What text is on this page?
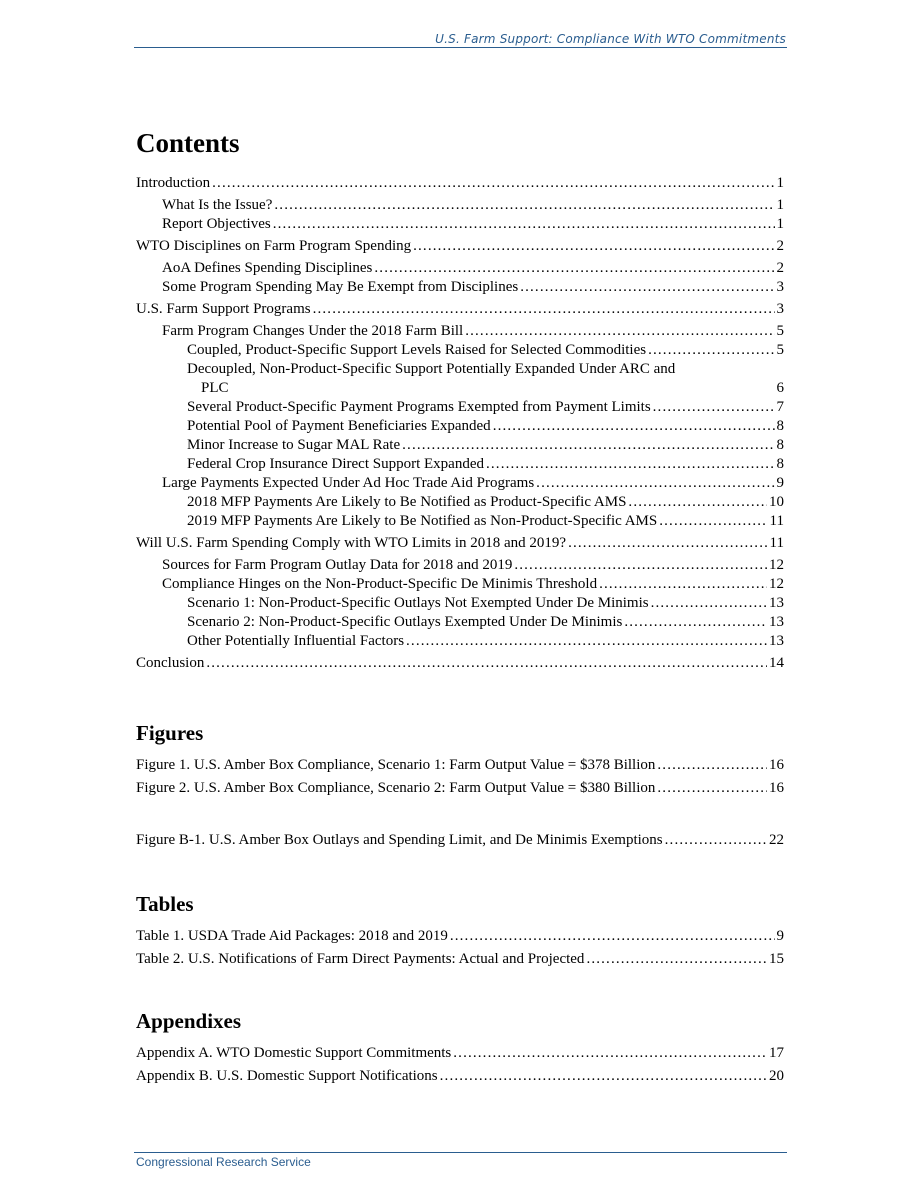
U.S. Farm Support: Compliance With WTO Commitments
Contents
Introduction . . .	1
What Is the Issue? . . .	1
Report Objectives . . .	1
WTO Disciplines on Farm Program Spending . . .	2
AoA Defines Spending Disciplines . . .	2
Some Program Spending May Be Exempt from Disciplines . . .	3
U.S. Farm Support Programs . . .	3
Farm Program Changes Under the 2018 Farm Bill . . .	5
Coupled, Product-Specific Support Levels Raised for Selected Commodities . . .	5
Decoupled, Non-Product-Specific Support Potentially Expanded Under ARC and
PLC	6
Several Product-Specific Payment Programs Exempted from Payment Limits . . .	7
Potential Pool of Payment Beneficiaries Expanded . . .	8
Minor Increase to Sugar MAL Rate . . .	8
Federal Crop Insurance Direct Support Expanded . . .	8
Large Payments Expected Under Ad Hoc Trade Aid Programs . . .	9
2018 MFP Payments Are Likely to Be Notified as Product-Specific AMS . . .	10
2019 MFP Payments Are Likely to Be Notified as Non-Product-Specific AMS . . .	11
Will U.S. Farm Spending Comply with WTO Limits in 2018 and 2019? . . .	11
Sources for Farm Program Outlay Data for 2018 and 2019 . . .	12
Compliance Hinges on the Non-Product-Specific De Minimis Threshold . . .	12
Scenario 1: Non-Product-Specific Outlays Not Exempted Under De Minimis . . .	13
Scenario 2: Non-Product-Specific Outlays Exempted Under De Minimis . . .	13
Other Potentially Influential Factors . . .	13
Conclusion . . .	14
Figures
Figure 1. U.S. Amber Box Compliance, Scenario 1: Farm Output Value = $378 Billion . . .	16
Figure 2. U.S. Amber Box Compliance, Scenario 2: Farm Output Value = $380 Billion . . .	16
Figure B-1. U.S. Amber Box Outlays and Spending Limit, and De Minimis Exemptions . . .	22
Tables
Table 1. USDA Trade Aid Packages: 2018 and 2019 . . .	9
Table 2. U.S. Notifications of Farm Direct Payments: Actual and Projected . . .	15
Appendixes
Appendix A. WTO Domestic Support Commitments . . .	17
Appendix B. U.S. Domestic Support Notifications . . .	20
Congressional Research Service
